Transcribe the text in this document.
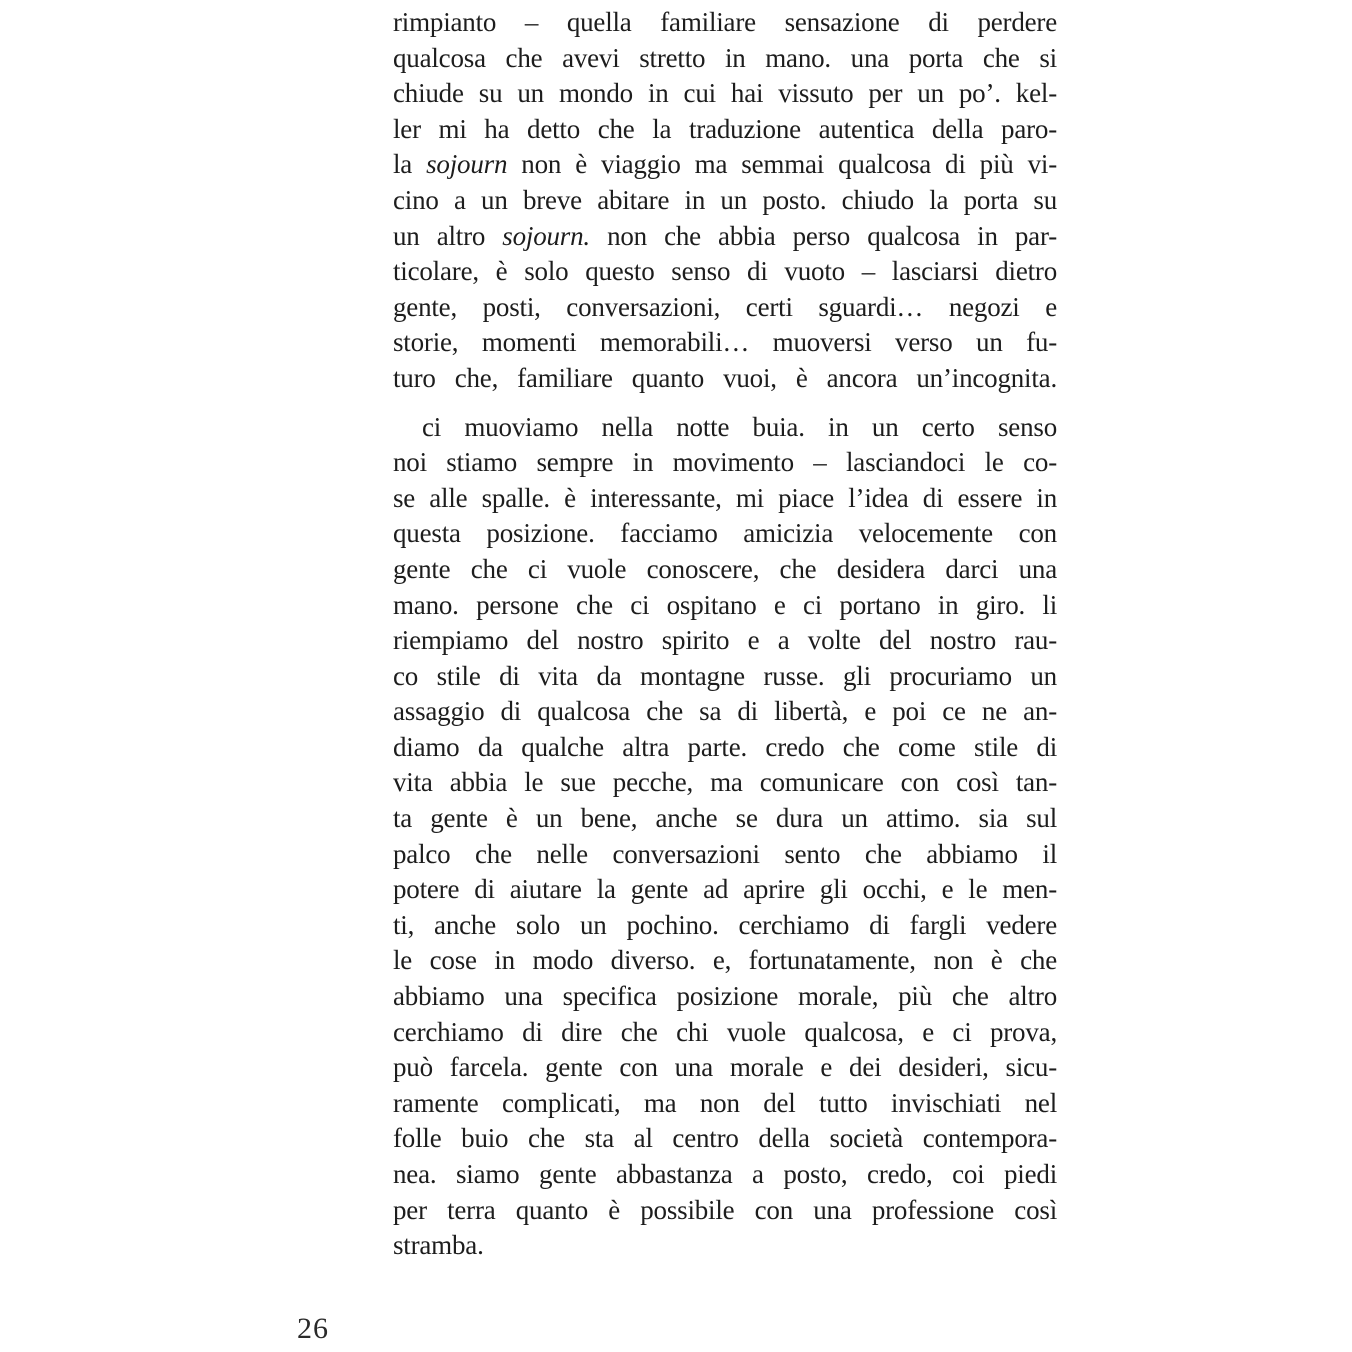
rimpianto – quella familiare sensazione di perdere
qualcosa che avevi stretto in mano. una porta che si
chiude su un mondo in cui hai vissuto per un po’. kel-
ler mi ha detto che la traduzione autentica della paro-
la sojourn non è viaggio ma semmai qualcosa di più vi-
cino a un breve abitare in un posto. chiudo la porta su
un altro sojourn. non che abbia perso qualcosa in par-
ticolare, è solo questo senso di vuoto – lasciarsi dietro
gente, posti, conversazioni, certi sguardi… negozi e
storie, momenti memorabili… muoversi verso un fu-
turo che, familiare quanto vuoi, è ancora un’incognita.
ci muoviamo nella notte buia. in un certo senso
noi stiamo sempre in movimento – lasciandoci le co-
se alle spalle. è interessante, mi piace l’idea di essere in
questa posizione. facciamo amicizia velocemente con
gente che ci vuole conoscere, che desidera darci una
mano. persone che ci ospitano e ci portano in giro. li
riempiamo del nostro spirito e a volte del nostro rau-
co stile di vita da montagne russe. gli procuriamo un
assaggio di qualcosa che sa di libertà, e poi ce ne an-
diamo da qualche altra parte. credo che come stile di
vita abbia le sue pecche, ma comunicare con così tan-
ta gente è un bene, anche se dura un attimo. sia sul
palco che nelle conversazioni sento che abbiamo il
potere di aiutare la gente ad aprire gli occhi, e le men-
ti, anche solo un pochino. cerchiamo di fargli vedere
le cose in modo diverso. e, fortunatamente, non è che
abbiamo una specifica posizione morale, più che altro
cerchiamo di dire che chi vuole qualcosa, e ci prova,
può farcela. gente con una morale e dei desideri, sicu-
ramente complicati, ma non del tutto invischiati nel
folle buio che sta al centro della società contempora-
nea. siamo gente abbastanza a posto, credo, coi piedi
per terra quanto è possibile con una professione così
stramba.
26
